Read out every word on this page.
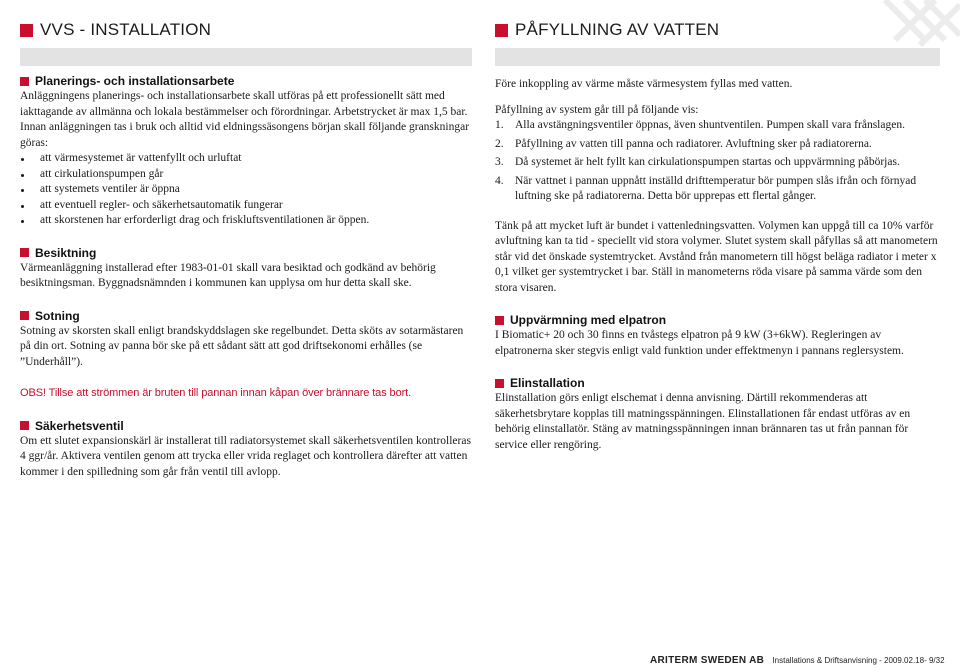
VVS - INSTALLATION	PÅFYLLNING AV VATTEN
Planerings- och installationsarbete

Anläggningens planerings- och installationsarbete skall utföras på ett professionellt sätt med iakttagande av allmänna och lokala bestämmelser och förordningar. Arbetstrycket är max 1,5 bar. Innan anläggningen tas i bruk och alltid vid eldningssäsongens början skall följande granskningar göras:

att värmesystemet är vattenfyllt och urluftat
att cirkulationspumpen går
att systemets ventiler är öppna
att eventuell regler- och säkerhetsautomatik fungerar
att skorstenen har erforderligt drag och friskluftsventilationen är öppen.
Besiktning

Värmeanläggning installerad efter 1983-01-01 skall vara besiktad och godkänd av behörig besiktningsman. Byggnadsnämnden i kommunen kan upplysa om hur detta skall ske.

Sotning

Sotning av skorsten skall enligt brandskyddslagen ske regelbundet. Detta sköts av sotarmästaren på din ort. Sotning av panna bör ske på ett sådant sätt att god driftsekonomi erhålles (se ”Underhåll”).

OBS! Tillse att strömmen är bruten till pannan innan kåpan över brännare tas bort.

Säkerhetsventil

Om ett slutet expansionskärl är installerat till radiatorsystemet skall säkerhetsventilen kontrolleras 4 ggr/år. Aktivera ventilen genom att trycka eller vrida reglaget och kontrollera därefter att vatten kommer i den spilledning som går från ventil till avlopp.

Före inkoppling av värme måste värmesystem fyllas med vatten.

Påfyllning av system går till på följande vis:

1. Alla avstängningsventiler öppnas, även shuntventilen. Pumpen skall vara frånslagen.
2. Påfyllning av vatten till panna och radiatorer. Avluftning sker på radiatorerna.
3. Då systemet är helt fyllt kan cirkulationspumpen startas och uppvärmning påbörjas.
4. När vattnet i pannan uppnått inställd drifttemperatur bör pumpen slås ifrån och förnyad luftning ske på radiatorerna. Detta bör upprepas ett flertal gånger.

Tänk på att mycket luft är bundet i vattenledningsvatten. Volymen kan uppgå till ca 10% varför avluftning kan ta tid - speciellt vid stora volymer. Slutet system skall påfyllas så att manometern står vid det önskade systemtrycket. Avstånd från manometern till högst beläga radiator i meter x 0,1 vilket ger systemtrycket i bar. Ställ in manometerns röda visare på samma värde som den stora visaren.

Uppvärmning med elpatron

I Biomatic+ 20 och 30 finns en tvåstegs elpatron på 9 kW (3+6kW). Regleringen av elpatronerna sker stegvis enligt vald funktion under effektmenyn i pannans reglersystem.

Elinstallation

Elinstallation görs enligt elschemat i denna anvisning. Därtill rekommenderas att säkerhetsbrytare kopplas till matningsspänningen. Elinstallationen får endast utföras av en behörig elinstallatör. Stäng av matningsspänningen innan brännaren tas ut från pannan för service eller rengöring.

ARITERM SWEDEN AB Installations & Driftsanvisning - 2009.02.18- 9/32
